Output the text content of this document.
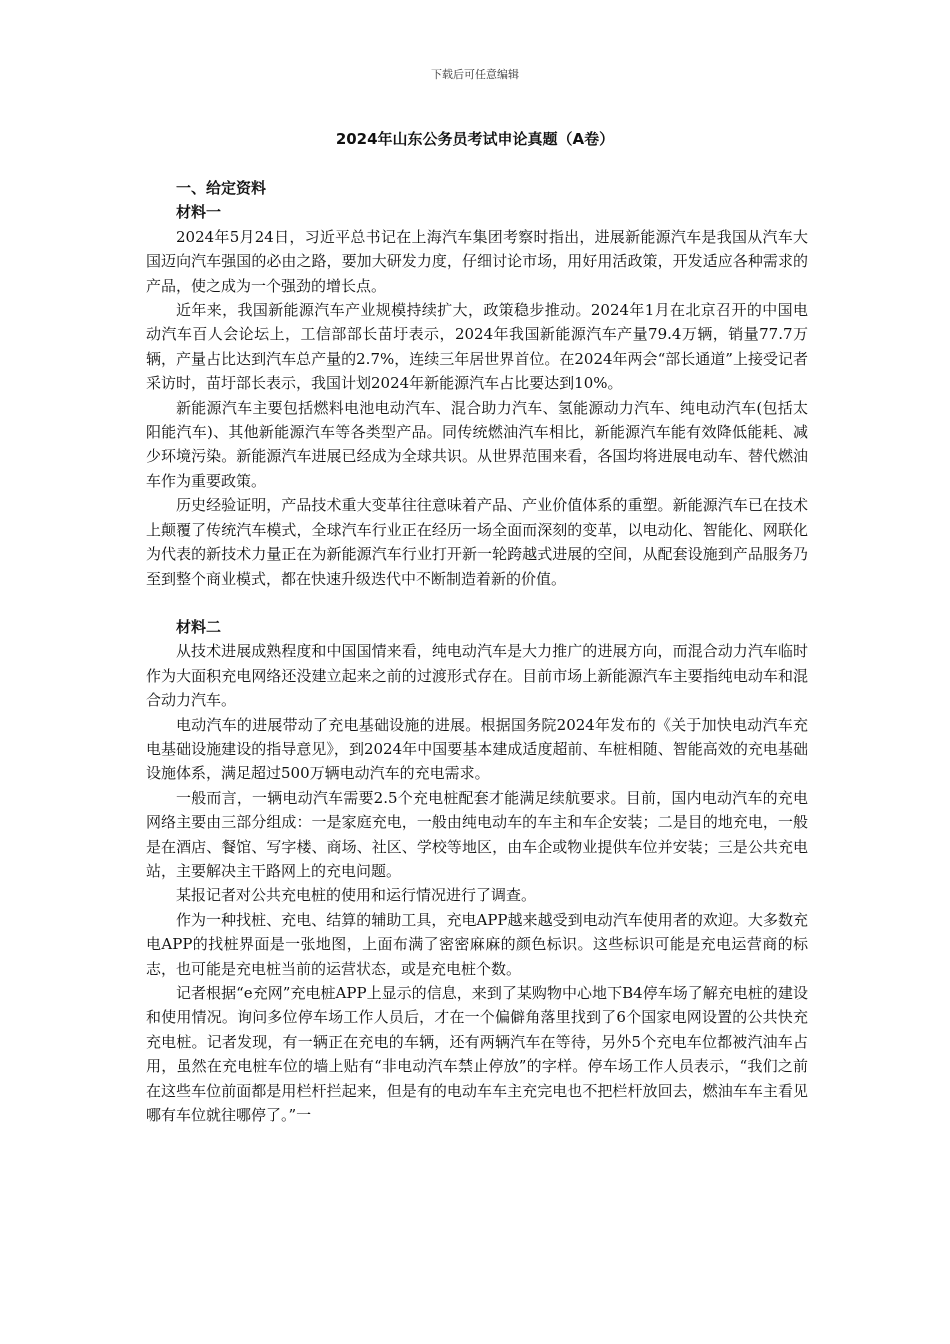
下载后可任意编辑
2024年山东公务员考试申论真题（A卷）
一、给定资料
材料一

2024年5月24日，习近平总书记在上海汽车集团考察时指出，进展新能源汽车是我国从汽车大国迈向汽车强国的必由之路，要加大研发力度，仔细讨论市场，用好用活政策，开发适应各种需求的产品，使之成为一个强劲的增长点。

近年来，我国新能源汽车产业规模持续扩大，政策稳步推动。2024年1月在北京召开的中国电动汽车百人会论坛上，工信部部长苗圩表示，2024年我国新能源汽车产量79.4万辆，销量77.7万辆，产量占比达到汽车总产量的2.7%，连续三年居世界首位。在2024年两会“部长通道”上接受记者采访时，苗圩部长表示，我国计划2024年新能源汽车占比要达到10%。

新能源汽车主要包括燃料电池电动汽车、混合助力汽车、氢能源动力汽车、纯电动汽车(包括太阳能汽车)、其他新能源汽车等各类型产品。同传统燃油汽车相比，新能源汽车能有效降低能耗、减少环境污染。新能源汽车进展已经成为全球共识。从世界范围来看，各国均将进展电动车、替代燃油车作为重要政策。

历史经验证明，产品技术重大变革往往意味着产品、产业价值体系的重塑。新能源汽车已在技术上颠覆了传统汽车模式，全球汽车行业正在经历一场全面而深刻的变革，以电动化、智能化、网联化为代表的新技术力量正在为新能源汽车行业打开新一轮跨越式进展的空间，从配套设施到产品服务乃至到整个商业模式，都在快速升级迭代中不断制造着新的价值。

材料二

从技术进展成熟程度和中国国情来看，纯电动汽车是大力推广的进展方向，而混合动力汽车临时作为大面积充电网络还没建立起来之前的过渡形式存在。目前市场上新能源汽车主要指纯电动车和混合动力汽车。

电动汽车的进展带动了充电基础设施的进展。根据国务院2024年发布的《关于加快电动汽车充电基础设施建设的指导意见》，到2024年中国要基本建成适度超前、车桩相随、智能高效的充电基础设施体系，满足超过500万辆电动汽车的充电需求。

一般而言，一辆电动汽车需要2.5个充电桩配套才能满足续航要求。目前，国内电动汽车的充电网络主要由三部分组成：一是家庭充电，一般由纯电动车的车主和车企安装；二是目的地充电，一般是在酒店、餐馆、写字楼、商场、社区、学校等地区，由车企或物业提供车位并安装；三是公共充电站，主要解决主干路网上的充电问题。

某报记者对公共充电桩的使用和运行情况进行了调查。

作为一种找桩、充电、结算的辅助工具，充电APP越来越受到电动汽车使用者的欢迎。大多数充电APP的找桩界面是一张地图，上面布满了密密麻麻的颜色标识。这些标识可能是充电运营商的标志，也可能是充电桩当前的运营状态，或是充电桩个数。

记者根据“e充网”充电桩APP上显示的信息，来到了某购物中心地下B4停车场了解充电桩的建设和使用情况。询问多位停车场工作人员后，才在一个偏僻角落里找到了6个国家电网设置的公共快充充电桩。记者发现，有一辆正在充电的车辆，还有两辆汽车在等待，另外5个充电车位都被汽油车占用，虽然在充电桩车位的墙上贴有“非电动汽车禁止停放”的字样。停车场工作人员表示，“我们之前在这些车位前面都是用栏杆拦起来，但是有的电动车车主充完电也不把栏杆放回去，燃油车车主看见哪有车位就往哪停了。”一
